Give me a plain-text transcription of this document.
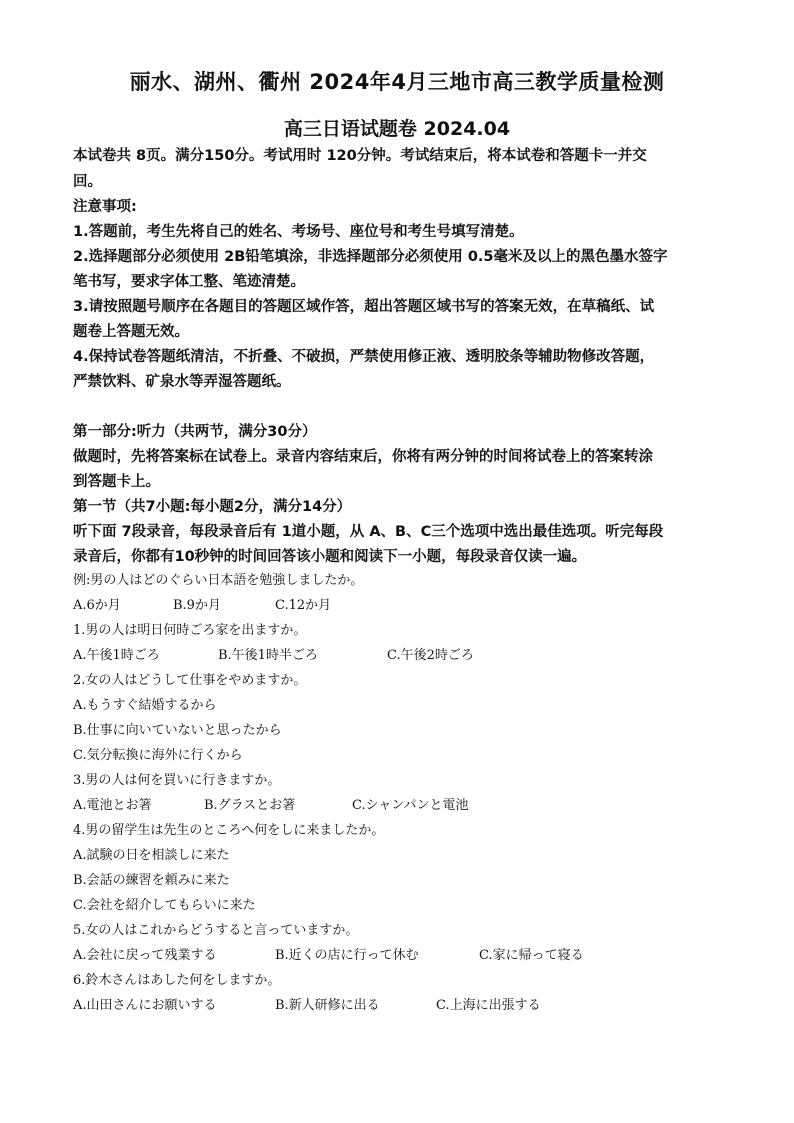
丽水、湖州、衢州 2024年4月三地市高三教学质量检测
高三日语试题卷 2024.04
本试卷共 8页。满分150分。考试用时 120分钟。考试结束后，将本试卷和答题卡一并交
回。
注意事项:
1.答题前，考生先将自己的姓名、考场号、座位号和考生号填写清楚。
2.选择题部分必须使用 2B铅笔填涂，非选择题部分必须使用 0.5毫米及以上的黑色墨水签字
笔书写，要求字体工整、笔迹清楚。
3.请按照题号顺序在各题目的答题区域作答，超出答题区域书写的答案无效，在草稿纸、试
题卷上答题无效。
4.保持试卷答题纸清洁，不折叠、不破损，严禁使用修正液、透明胶条等辅助物修改答题，
严禁饮料、矿泉水等弄湿答题纸。
第一部分:听力（共两节，满分30分）
做题时，先将答案标在试卷上。录音内容结束后，你将有两分钟的时间将试卷上的答案转涂
到答题卡上。
第一节（共7小题:每小题2分，满分14分）
听下面 7段录音，每段录音后有 1道小题，从 A、B、C三个选项中选出最佳选项。听完每段
录音后，你都有10秒钟的时间回答该小题和阅读下一小题，每段录音仅读一遍。
例:男の人はどのぐらい日本語を勉強しましたか。
A.6か月	B.9か月	C.12か月
1.男の人は明日何時ごろ家を出ますか。
A.午後1時ごろ	B.午後1時半ごろ	C.午後2時ごろ
2.女の人はどうして仕事をやめますか。
A.もうすぐ結婚するから
B.仕事に向いていないと思ったから
C.気分転換に海外に行くから
3.男の人は何を買いに行きますか。
A.電池とお箸	B.グラスとお箸	C.シャンパンと電池
4.男の留学生は先生のところへ何をしに来ましたか。
A.試験の日を相談しに来た
B.会話の練習を頼みに来た
C.会社を紹介してもらいに来た
5.女の人はこれからどうすると言っていますか。
A.会社に戻って残業する	B.近くの店に行って休む	C.家に帰って寝る
6.鈴木さんはあした何をしますか。
A.山田さんにお願いする	B.新人研修に出る	C.上海に出張する
